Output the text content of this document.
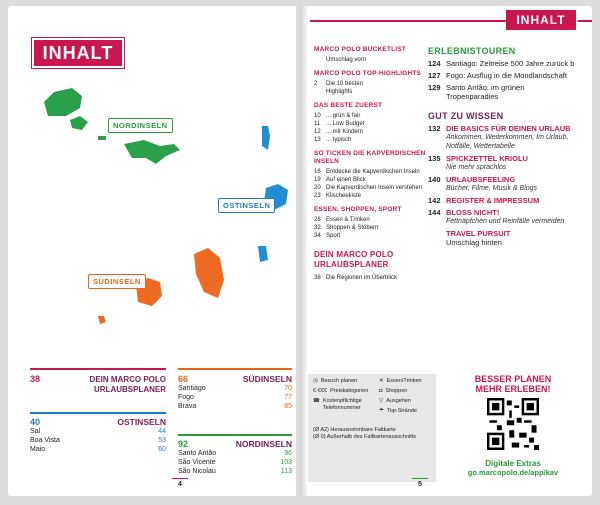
INHALT
NORDINSELN
OSTINSELN
SÜDINSELN
38	DEIN MARCO POLO URLAUBSPLANER
40	OSTINSELN
Sal	44
Boa Vista	53
Maio	60
66	SÜDINSELN
Santiago	70
Fogo	77
Brava	85
92	NORDINSELN
Santo Antão	96
São Vicente	103
São Nicolau	113
4
INHALT
MARCO POLO BUCKETLIST
Umschlag vorn
MARCO POLO TOP-HIGHLIGHTS
2	Die 10 besten Highlights
DAS BESTE ZUERST
10 ... grün & fair
11 ... Low Budget
12 ... mit Kindern
13 ... typisch
SO TICKEN DIE KAPVERDISCHEN INSELN
16 Entdecke die Kapverdischen Inseln
19 Auf einen Blick
20 Die Kapverdischen Inseln verstehen
23 Klischeekiste
ESSEN, SHOPPEN, SPORT
28 Essen & Trinken
32 Shoppen & Stöbern
34 Sport
DEIN MARCO POLO URLAUBSPLANER
38 Die Regionen im Überblick
ERLEBNISTOUREN
124 Santiago: Zeitreise 500 Jahre zurück b
127 Fogo: Ausflug in die Mondlandschaft
129 Santo Antão: im grünen Tropenparadies
GUT ZU WISSEN
132 DIE BASICS FÜR DEINEN URLAUB
Ankommen, Weiterkommen, Im Urlaub, Notfälle, Wettertabelle
135 SPICKZETTEL KRIOLU
Nie mehr sprachlos
140 URLAUBSFEELING
Bücher, Filme, Musik & Blogs
142 REGISTER & IMPRESSUM
144 BLOSS NICHT!
Fettnäpfchen und Reinfälle vermeiden
TRAVEL PURSUIT
Umschlag hinten
◷ Besuch planen
€-€€€ Preiskategorien
☎ Kostenpflichtige Telefonnummer
✕ Essen/Trinken
◘ Shoppen
▽ Ausgehen
☂ Top-Strände
(Ø A2) Herausnehmbare Faltkarte
(Ø 0) Außerhalb des Faltkartenausschnitts
BESSER PLANEN
MEHR ERLEBEN!
Digitale Extras
go.marcopolo.de/app/kav
5
